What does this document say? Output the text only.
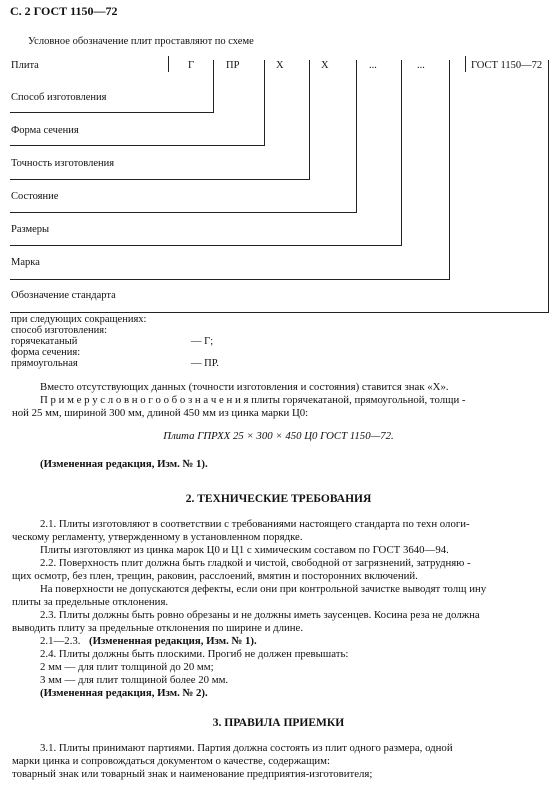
С. 2 ГОСТ 1150—72
Условное обозначение плит проставляют по схеме
Плита	Г	ПР	Х	Х	...	...	ГОСТ 1150—72
Способ изготовления
Форма сечения
Точность изготовления
Состояние
Размеры
Марка
Обозначение стандарта
при следующих сокращениях:
способ изготовления:
горячекатаный	— Г;
форма сечения:
прямоугольная	— ПР.
Вместо отсутствующих данных (точности изготовления и состояния) ставится знак «Х».
П р и м е р у с л о в н о г о о б о з н а ч е н и я плиты горячекатаной, прямоугольной, толщи -
ной 25 мм, шириной 300 мм, длиной 450 мм из цинка марки Ц0:
Плита ГПРХХ 25 × 300 × 450 Ц0 ГОСТ 1150—72.
(Измененная редакция, Изм. № 1).
2. ТЕХНИЧЕСКИЕ ТРЕБОВАНИЯ
2.1. Плиты изготовляют в соответствии с требованиями настоящего стандарта по техн ологи-
ческому регламенту, утвержденному в установленном порядке.
Плиты изготовляют из цинка марок Ц0 и Ц1 с химическим составом по ГОСТ 3640—94.
2.2. Поверхность плит должна быть гладкой и чистой, свободной от загрязнений, затрудняю -
щих осмотр, без плен, трещин, раковин, расслоений, вмятин и посторонних включений.
На поверхности не допускаются дефекты, если они при контрольной зачистке выводят толщ ину
плиты за предельные отклонения.
2.3. Плиты должны быть ровно обрезаны и не должны иметь заусенцев. Косина реза не должна
выводить плиту за предельные отклонения по ширине и длине.
2.1—2.3. (Измененная редакция, Изм. № 1).
2.4. Плиты должны быть плоскими. Прогиб не должен превышать:
2 мм — для плит толщиной до 20 мм;
3 мм — для плит толщиной более 20 мм.
(Измененная редакция, Изм. № 2).
3. ПРАВИЛА ПРИЕМКИ
3.1. Плиты принимают партиями. Партия должна состоять из плит одного размера, одной
марки цинка и сопровождаться документом о качестве, содержащим:
товарный знак или товарный знак и наименование предприятия-изготовителя;
